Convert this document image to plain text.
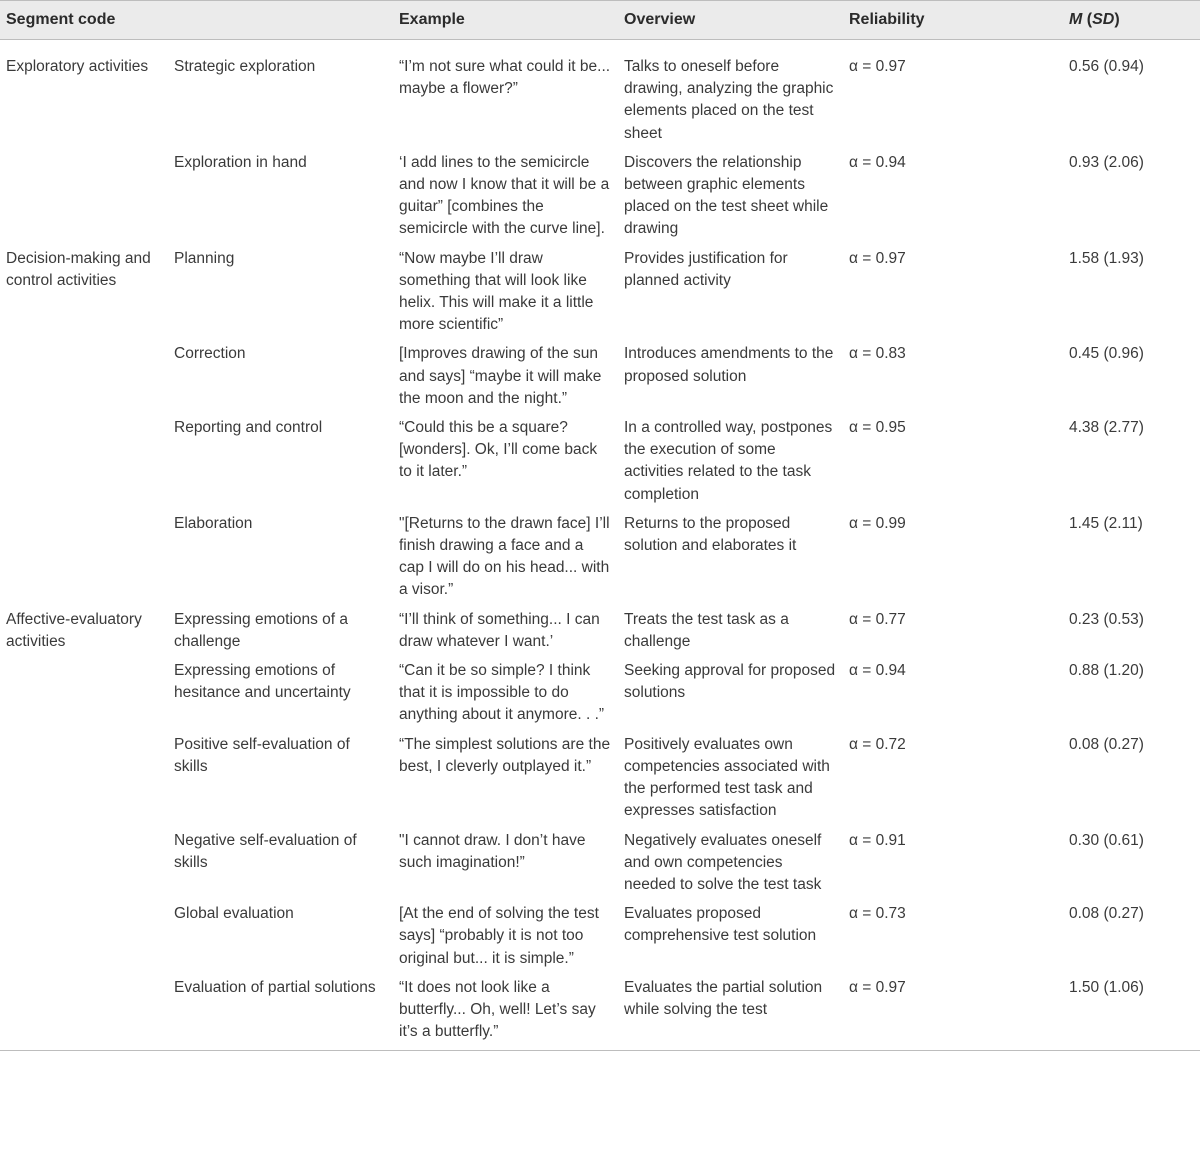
Segment code		Example	Overview	Reliability	M (SD)
Exploratory activities	Strategic exploration	“I’m not sure what could it be... maybe a flower?”	Talks to oneself before drawing, analyzing the graphic elements placed on the test sheet	α = 0.97	0.56 (0.94)
	Exploration in hand	‘I add lines to the semicircle and now I know that it will be a guitar” [combines the semicircle with the curve line].	Discovers the relationship between graphic elements placed on the test sheet while drawing	α = 0.94	0.93 (2.06)
Decision-making and control activities	Planning	“Now maybe I’ll draw something that will look like helix. This will make it a little more scientific”	Provides justification for planned activity	α = 0.97	1.58 (1.93)
	Correction	[Improves drawing of the sun and says] “maybe it will make the moon and the night.”	Introduces amendments to the proposed solution	α = 0.83	0.45 (0.96)
	Reporting and control	“Could this be a square? [wonders]. Ok, I’ll come back to it later.”	In a controlled way, postpones the execution of some activities related to the task completion	α = 0.95	4.38 (2.77)
	Elaboration	"[Returns to the drawn face] I’ll finish drawing a face and a cap I will do on his head... with a visor.”	Returns to the proposed solution and elaborates it	α = 0.99	1.45 (2.11)
Affective-evaluatory activities	Expressing emotions of a challenge	“I’ll think of something... I can draw whatever I want.’	Treats the test task as a challenge	α = 0.77	0.23 (0.53)
	Expressing emotions of hesitance and uncertainty	“Can it be so simple? I think that it is impossible to do anything about it anymore. . .”	Seeking approval for proposed solutions	α = 0.94	0.88 (1.20)
	Positive self-evaluation of skills	“The simplest solutions are the best, I cleverly outplayed it.”	Positively evaluates own competencies associated with the performed test task and expresses satisfaction	α = 0.72	0.08 (0.27)
	Negative self-evaluation of skills	"I cannot draw. I don’t have such imagination!”	Negatively evaluates oneself and own competencies needed to solve the test task	α = 0.91	0.30 (0.61)
	Global evaluation	[At the end of solving the test says] “probably it is not too original but... it is simple.”	Evaluates proposed comprehensive test solution	α = 0.73	0.08 (0.27)
	Evaluation of partial solutions	“It does not look like a butterfly... Oh, well! Let’s say it’s a butterfly.”	Evaluates the partial solution while solving the test	α = 0.97	1.50 (1.06)
